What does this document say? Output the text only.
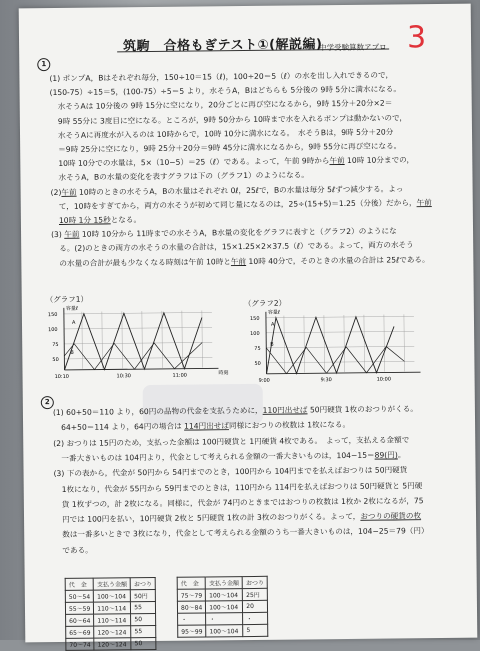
筑駒　合格もぎテスト①(解説編)
中学受験算数アプロ 3
1
(1) ポンプA，Bはそれぞれ毎分，150÷10＝15（ℓ)，100÷20＝5（ℓ）の水を出し入れできるので，
(150-75）÷15＝5，(100-75）÷5＝5 より，水そうA，Bはどちらも 5分後の 9時 5分に満水になる。
水そうAは 10分後の 9時 15分に空になり，20分ごとに再び空になるから，9時 15分＋20分×2＝
9時 55分に 3度目に空になる。ところが，9時 50分から 10時まで水を入れるポンプは動かないので，
水そうAに再度水が入るのは 10時からで，10時 10分に満水になる。　水そうBは，9時 5分＋20分
＝9時 25分に空になり，9時 25分＋20分＝9時 45分に満水になるから，9時 55分に再び空になる。
10時 10分での水量は，5×（10−5）＝25（ℓ）である。よって，午前 9時から午前 10時 10分までの，
水そうA，Bの水量の変化を表すグラフは下の（グラフ1）のようになる。
(2)午前 10時のときの水そうA，Bの水量はそれぞれ 0ℓ，25ℓで，Bの水量は毎分 5ℓずつ減少する。よっ
て，10時をすぎてから，両方の水そうが初めて同じ量になるのは，25÷(15+5)＝1.25（分後）だから，午前
10時 1分 15秒となる。
(3) 午前 10時 10分から 11時までの水そうA，B水量の変化をグラフに表すと（グラフ2）のようにな
る。(2)のときの両方の水そうの水量の合計は，15×1.25×2×37.5（ℓ）である。よって，両方の水そう
の水量の合計が最も少なくなる時刻は午前 10時と午前 10時 40分で，そのときの水量の合計は 25ℓである。
（グラフ1）	（グラフ2）
容量ℓ
150
100
75
50
10:10	10:30	11:00	時刻
A
B
容量ℓ
150
100
75
50
9:00	9:30	10:00
A
B
2
(1) 60+50＝110 より，60円の品物の代金を支払うために，110円出せば 50円硬貨 1枚のおつりがくる。
64+50＝114 より，64円の場合は 114円出せば同様におつりの枚数は 1枚になる。
(2) おつりは 15円のため，支払った金額は 100円硬貨と 1円硬貨 4枚である。　よって，支払える金額で
一番大きいものは 104円より，代金として考えられる金額の一番大きいものは，104−15＝89(円)。
(3) 下の表から，代金が 50円から 54円までのとき，100円から 104円までを払えばおつりは 50円硬貨
1枚になり，代金が 55円から 59円までのときは，110円から 114円を払えばおつりは 50円硬貨と 5円硬
貨 1枚ずつの，計 2枚になる。同様に，代金が 74円のときまではおつりの枚数は 1枚か 2枚になるが，75
円では 100円を払い，10円硬貨 2枚と 5円硬貨 1枚の計 3枚のおつりがくる。よって，おつりの硬貨の枚
数は一番多いときで 3枚になり，代金として考えられる金額のうち一番大きいものは，104−25＝79（円）
である。
代　金	支払う金額	おつり
50〜54	100〜104	50円
55〜59	110〜114	55
60〜64	110〜114	50
65〜69	120〜124	55
70〜74	120〜124	50
代　金	支払う金額	おつり
75〜79	100〜104	25円
80〜84	100〜104	20
・	・	・
95〜99	100〜104	5
